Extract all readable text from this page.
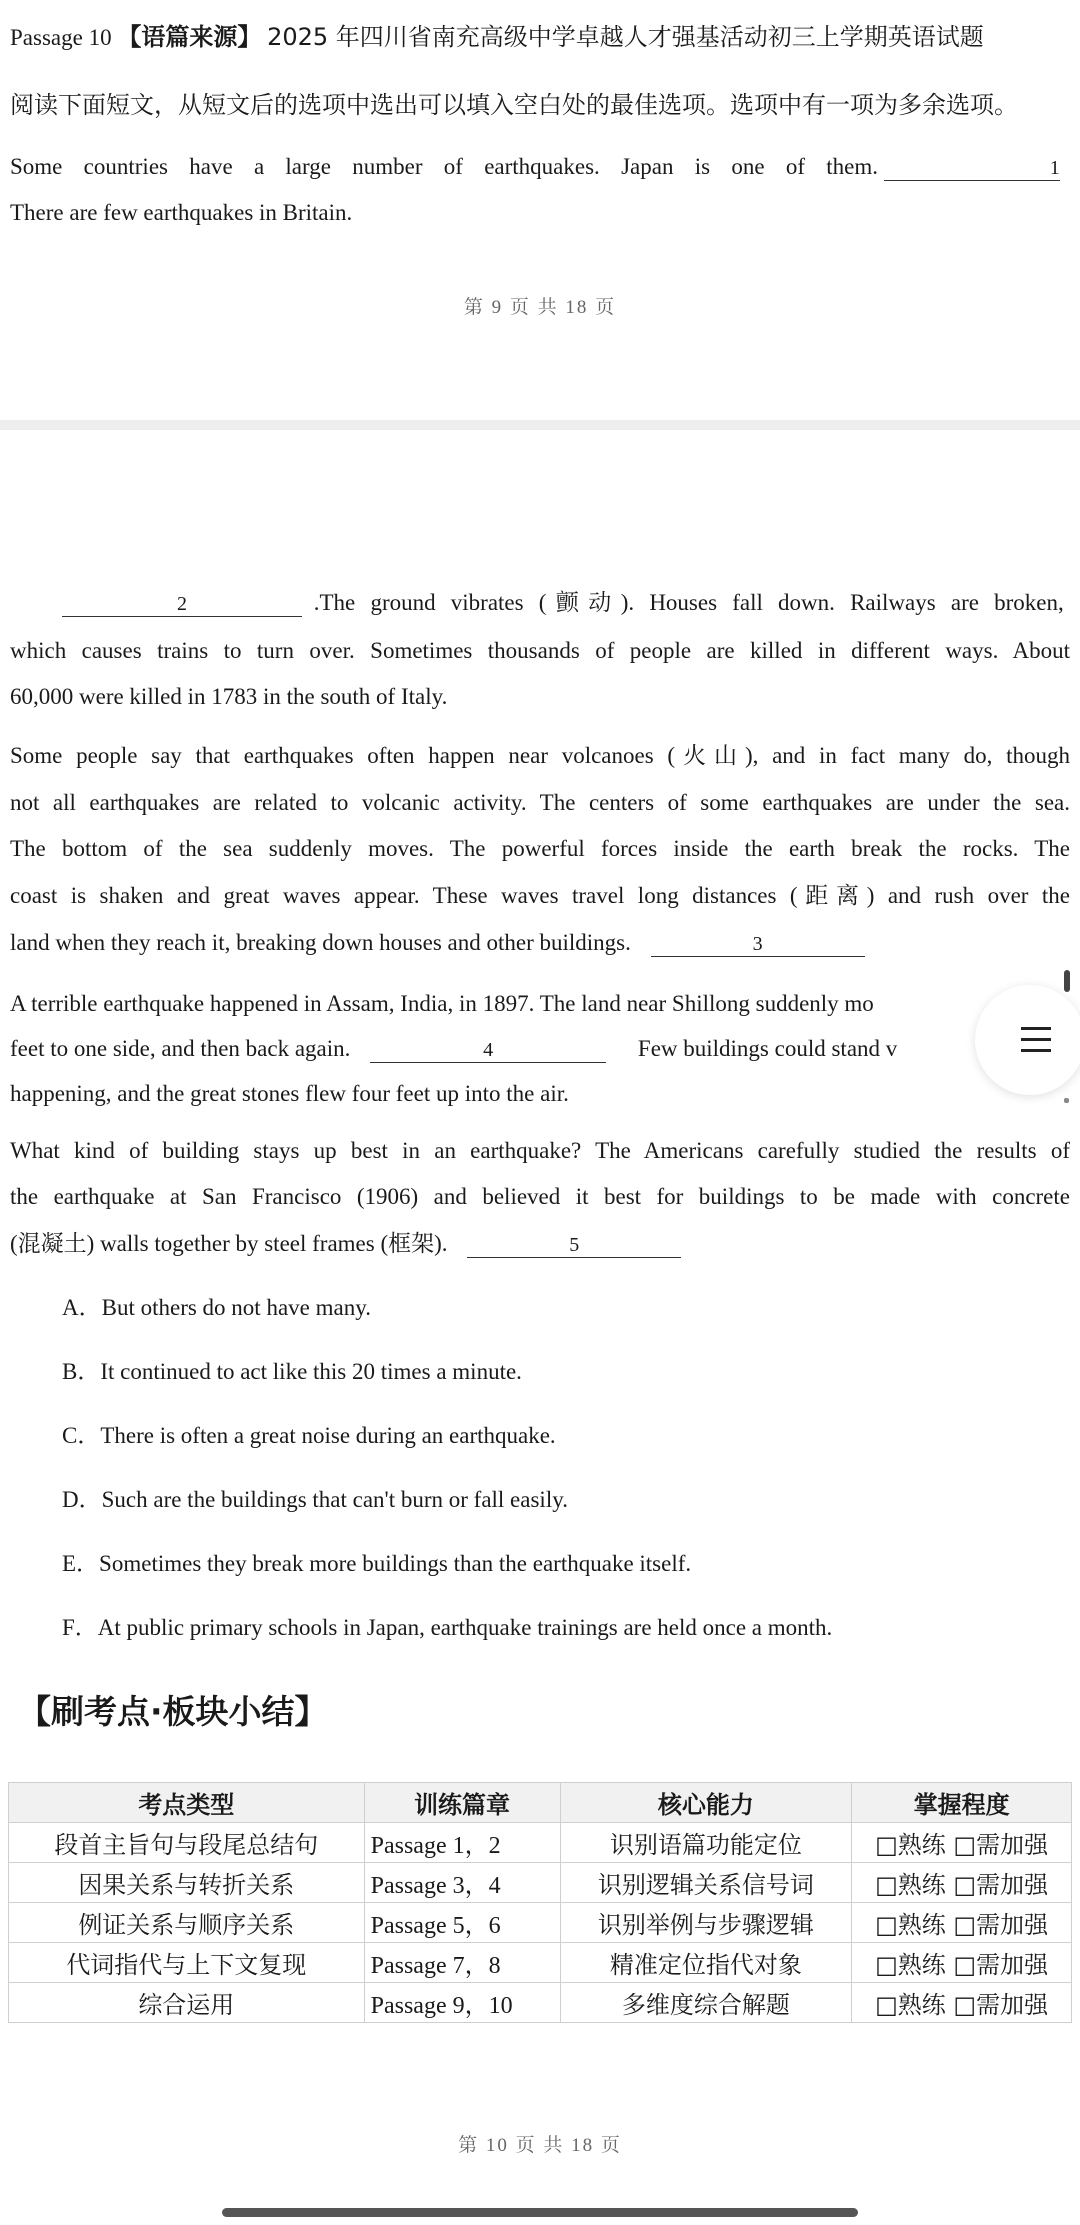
Passage 10 【语篇来源】 2025 年四川省南充高级中学卓越人才强基活动初三上学期英语试题
阅读下面短文，从短文后的选项中选出可以填入空白处的最佳选项。选项中有一项为多余选项。
Some countries have a large number of earthquakes. Japan is one of them.	1
There are few earthquakes in Britain.
第 9 页 共 18 页
2	.The ground vibrates (颤动). Houses fall down. Railways are broken,
which causes trains to turn over. Sometimes thousands of people are killed in different ways. About
60,000 were killed in 1783 in the south of Italy.
Some people say that earthquakes often happen near volcanoes (火山), and in fact many do, though
not all earthquakes are related to volcanic activity. The centers of some earthquakes are under the sea.
The bottom of the sea suddenly moves. The powerful forces inside the earth break the rocks. The
coast is shaken and great waves appear. These waves travel long distances (距离) and rush over the
land when they reach it, breaking down houses and other buildings.	3
A terrible earthquake happened in Assam, India, in 1897. The land near Shillong suddenly mo
feet to one side, and then back again.	4	Few buildings could stand v
happening, and the great stones flew four feet up into the air.
What kind of building stays up best in an earthquake? The Americans carefully studied the results of
the earthquake at San Francisco (1906) and believed it best for buildings to be made with concrete
(混凝土) walls together by steel frames (框架).	5
A．But others do not have many.
B．It continued to act like this 20 times a minute.
C．There is often a great noise during an earthquake.
D．Such are the buildings that can't burn or fall easily.
E．Sometimes they break more buildings than the earthquake itself.
F．At public primary schools in Japan, earthquake trainings are held once a month.
【刷考点·板块小结】
考点类型	训练篇章	核心能力	掌握程度
段首主旨句与段尾总结句	Passage 1，2	识别语篇功能定位	□熟练 □需加强
因果关系与转折关系	Passage 3，4	识别逻辑关系信号词	□熟练 □需加强
例证关系与顺序关系	Passage 5，6	识别举例与步骤逻辑	□熟练 □需加强
代词指代与上下文复现	Passage 7，8	精准定位指代对象	□熟练 □需加强
综合运用	Passage 9，10	多维度综合解题	□熟练 □需加强
第 10 页 共 18 页
